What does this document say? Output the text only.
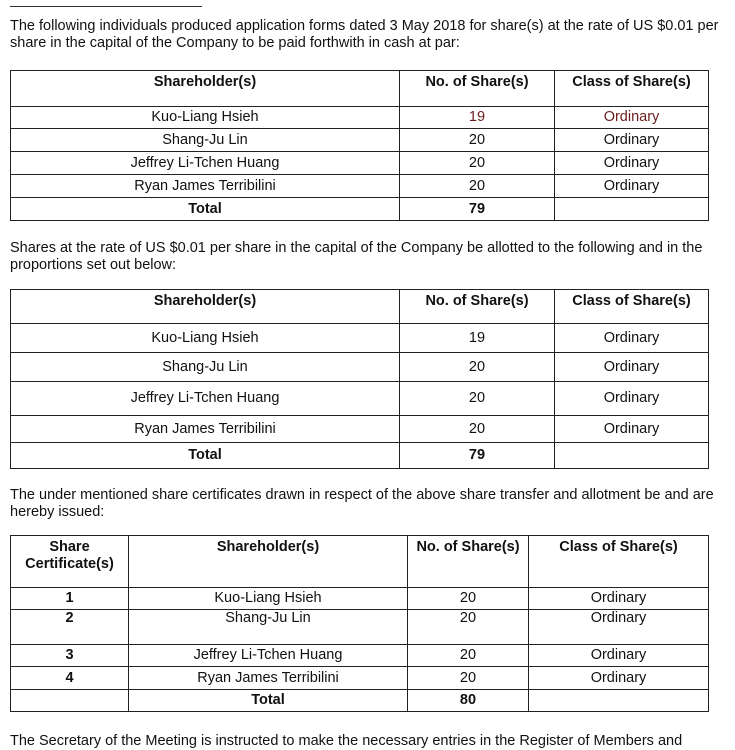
The following individuals produced application forms dated 3 May 2018 for share(s) at the rate of US $0.01 per share in the capital of the Company to be paid forthwith in cash at par:

Shareholder(s)	No. of Share(s)	Class of Share(s)
Kuo-Liang Hsieh	19	Ordinary
Shang-Ju Lin	20	Ordinary
Jeffrey Li-Tchen Huang	20	Ordinary
Ryan James Terribilini	20	Ordinary
Total	79	

Shares at the rate of US $0.01 per share in the capital of the Company be allotted to the following and in the proportions set out below:

Shareholder(s)	No. of Share(s)	Class of Share(s)
Kuo-Liang Hsieh	19	Ordinary
Shang-Ju Lin	20	Ordinary
Jeffrey Li-Tchen Huang	20	Ordinary
Ryan James Terribilini	20	Ordinary
Total	79	

The under mentioned share certificates drawn in respect of the above share transfer and allotment be and are hereby issued:

Share Certificate(s)	Shareholder(s)	No. of Share(s)	Class of Share(s)
1	Kuo-Liang Hsieh	20	Ordinary
2	Shang-Ju Lin	20	Ordinary
3	Jeffrey Li-Tchen Huang	20	Ordinary
4	Ryan James Terribilini	20	Ordinary
	Total	80	

The Secretary of the Meeting is instructed to make the necessary entries in the Register of Members and
